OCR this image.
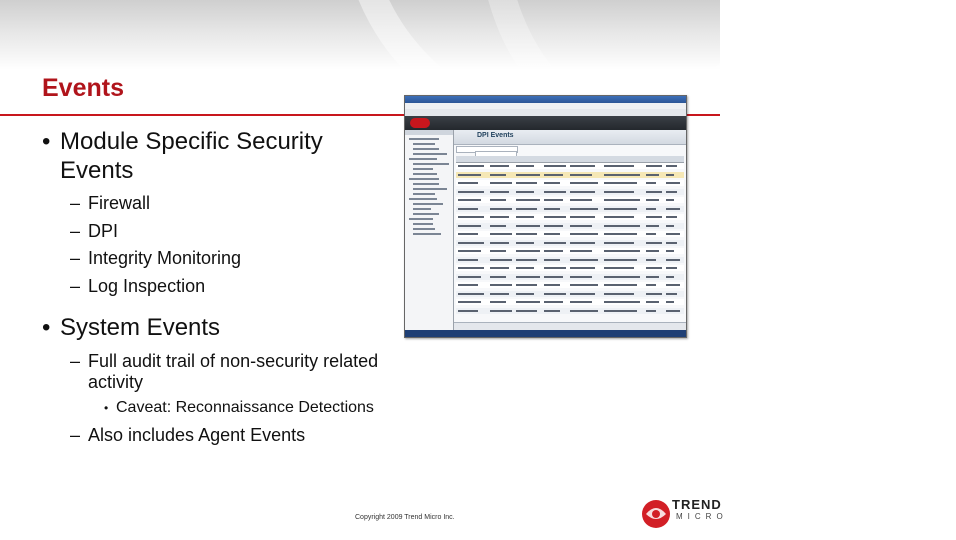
Events
• Module Specific Security
Events
– Firewall
– DPI
– Integrity Monitoring
– Log Inspection
• System Events
– Full audit trail of non-security related
activity
• Caveat: Reconnaissance Detections
– Also includes Agent Events
DPI Events
Copyright 2009 Trend Micro Inc.
TREND
MICRO
